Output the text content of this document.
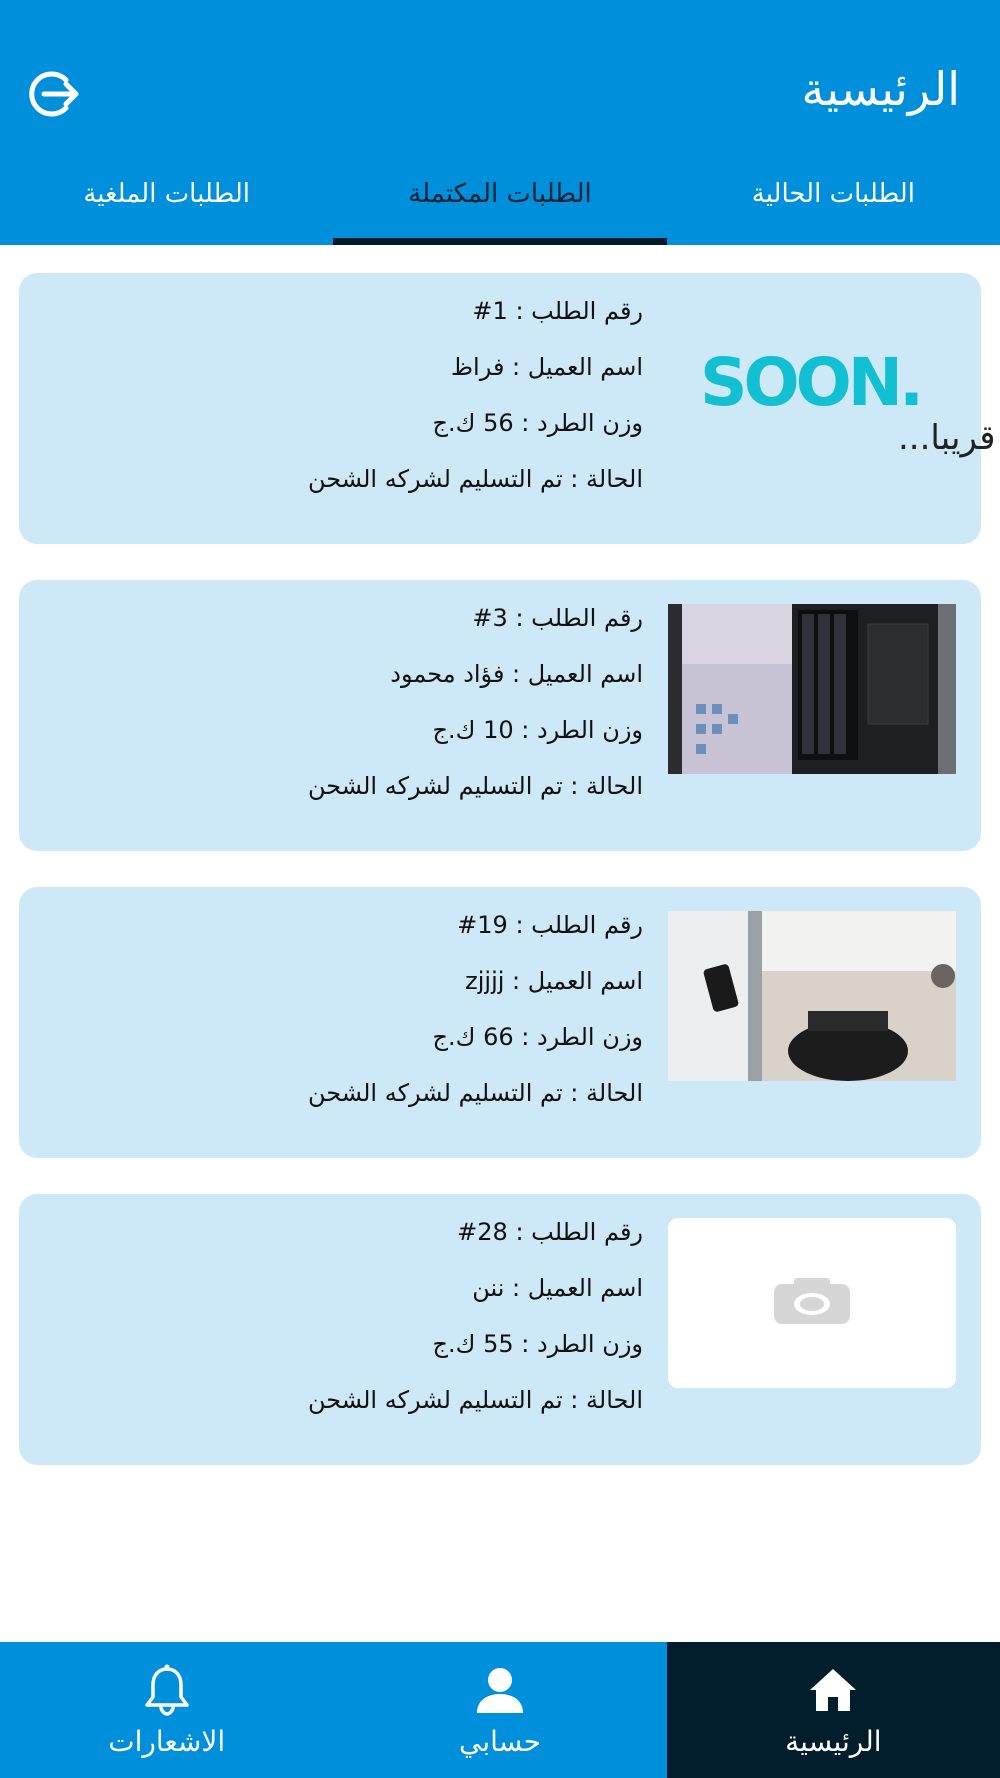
الرئيسية
الطلبات الحالية
الطلبات المكتملة
الطلبات الملغية
SOON.
قريبا...
رقم الطلب : 1#
اسم العميل : فراظ
وزن الطرد : 56 ك.ج
الحالة : تم التسليم لشركه الشحن
رقم الطلب : 3#
اسم العميل : فؤاد محمود
وزن الطرد : 10 ك.ج
الحالة : تم التسليم لشركه الشحن
رقم الطلب : 19#
اسم العميل : zjjjj
وزن الطرد : 66 ك.ج
الحالة : تم التسليم لشركه الشحن
رقم الطلب : 28#
اسم العميل : ننن
وزن الطرد : 55 ك.ج
الحالة : تم التسليم لشركه الشحن
الرئيسية
حسابي
الاشعارات
